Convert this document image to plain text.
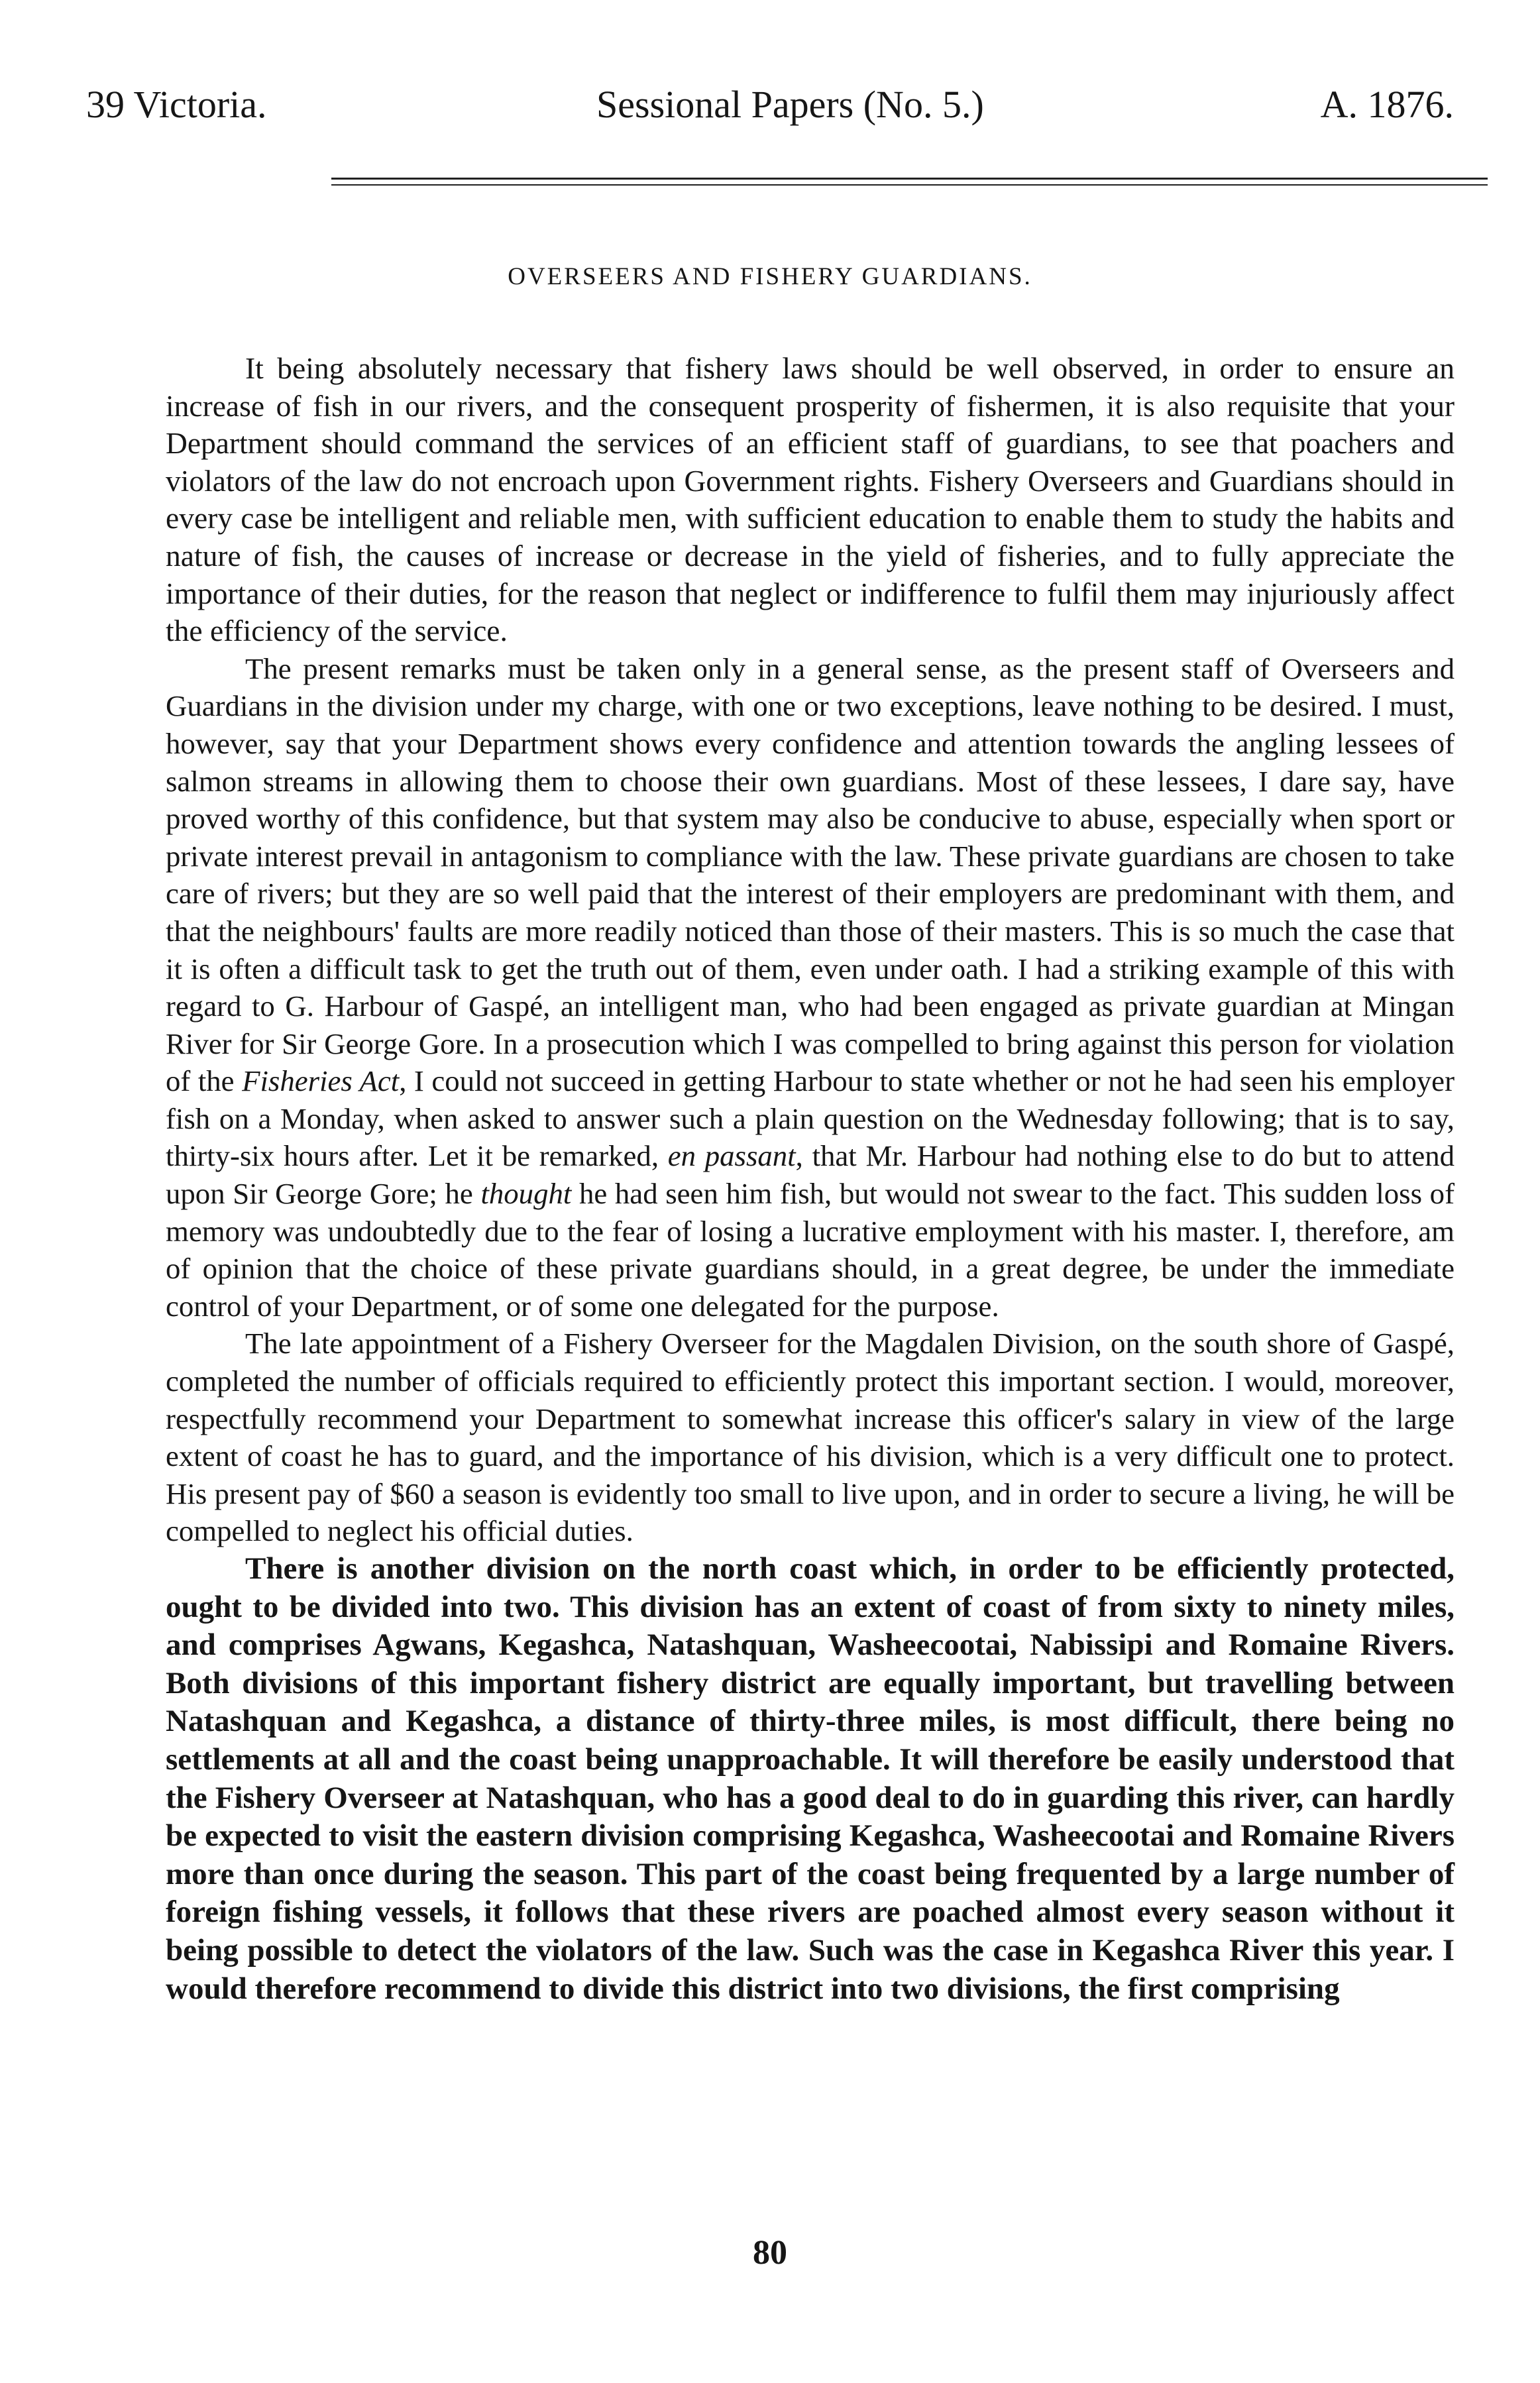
39 Victoria.	Sessional Papers (No. 5.)	A. 1876.
OVERSEERS AND FISHERY GUARDIANS.

It being absolutely necessary that fishery laws should be well observed, in order to ensure an increase of fish in our rivers, and the consequent prosperity of fishermen, it is also requisite that your Department should command the services of an efficient staff of guardians, to see that poachers and violators of the law do not encroach upon Government rights. Fishery Overseers and Guardians should in every case be intelligent and reliable men, with sufficient education to enable them to study the habits and nature of fish, the causes of increase or decrease in the yield of fisheries, and to fully appreciate the importance of their duties, for the reason that neglect or indifference to fulfil them may injuriously affect the efficiency of the service.

The present remarks must be taken only in a general sense, as the present staff of Overseers and Guardians in the division under my charge, with one or two exceptions, leave nothing to be desired. I must, however, say that your Department shows every confidence and attention towards the angling lessees of salmon streams in allowing them to choose their own guardians. Most of these lessees, I dare say, have proved worthy of this confidence, but that system may also be conducive to abuse, especially when sport or private interest prevail in antagonism to compliance with the law. These private guardians are chosen to take care of rivers; but they are so well paid that the interest of their employers are predominant with them, and that the neighbours' faults are more readily noticed than those of their masters. This is so much the case that it is often a difficult task to get the truth out of them, even under oath. I had a striking example of this with regard to G. Harbour of Gaspé, an intelligent man, who had been engaged as private guardian at Mingan River for Sir George Gore. In a prosecution which I was compelled to bring against this person for violation of the Fisheries Act, I could not succeed in getting Harbour to state whether or not he had seen his employer fish on a Monday, when asked to answer such a plain question on the Wednesday following; that is to say, thirty-six hours after. Let it be remarked, en passant, that Mr. Harbour had nothing else to do but to attend upon Sir George Gore; he thought he had seen him fish, but would not swear to the fact. This sudden loss of memory was undoubtedly due to the fear of losing a lucrative employment with his master. I, therefore, am of opinion that the choice of these private guardians should, in a great degree, be under the immediate control of your Department, or of some one delegated for the purpose.

The late appointment of a Fishery Overseer for the Magdalen Division, on the south shore of Gaspé, completed the number of officials required to efficiently protect this important section. I would, moreover, respectfully recommend your Department to somewhat increase this officer's salary in view of the large extent of coast he has to guard, and the importance of his division, which is a very difficult one to protect. His present pay of $60 a season is evidently too small to live upon, and in order to secure a living, he will be compelled to neglect his official duties.

There is another division on the north coast which, in order to be efficiently protected, ought to be divided into two. This division has an extent of coast of from sixty to ninety miles, and comprises Agwans, Kegashca, Natashquan, Washeecootai, Nabissipi and Romaine Rivers. Both divisions of this important fishery district are equally important, but travelling between Natashquan and Kegashca, a distance of thirty-three miles, is most difficult, there being no settlements at all and the coast being unapproachable. It will therefore be easily understood that the Fishery Overseer at Natashquan, who has a good deal to do in guarding this river, can hardly be expected to visit the eastern division comprising Kegashca, Washeecootai and Romaine Rivers more than once during the season. This part of the coast being frequented by a large number of foreign fishing vessels, it follows that these rivers are poached almost every season without it being possible to detect the violators of the law. Such was the case in Kegashca River this year. I would therefore recommend to divide this district into two divisions, the first comprising

80
